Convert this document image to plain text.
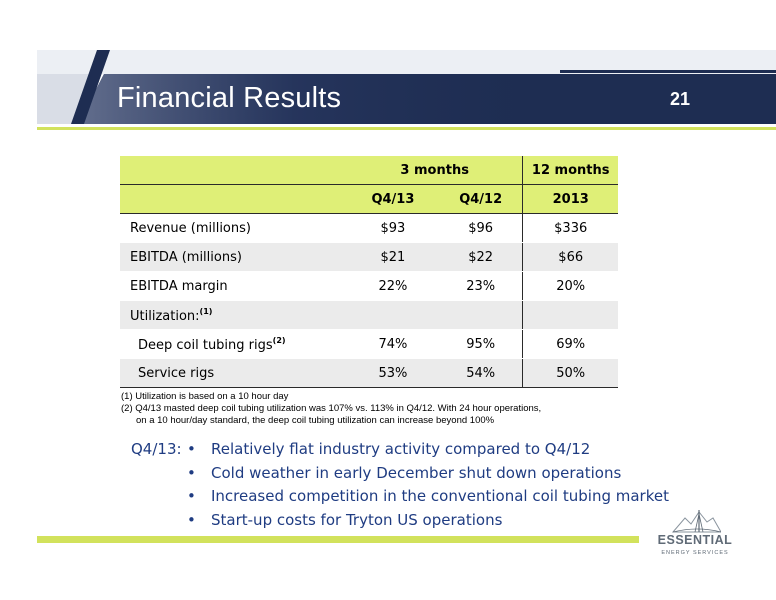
Financial Results	21
	3 months		12 months
	Q4/13	Q4/12	2013
Revenue (millions)	$93	$96	$336
EBITDA (millions)	$21	$22	$66
EBITDA margin	22%	23%	20%
Utilization:$^{(1)}$			
Deep coil tubing rigs$^{(2)}$	74%	95%	69%
Service rigs	53%	54%	50%
(1) Utilization is based on a 10 hour day
(2) Q4/13 masted deep coil tubing utilization was 107% vs. 113% in Q4/12. With 24 hour operations,
on a 10 hour/day standard, the deep coil tubing utilization can increase beyond 100%
Q4/13: • Relatively flat industry activity compared to Q4/12
• Cold weather in early December shut down operations
• Increased competition in the conventional coil tubing market
• Start-up costs for Tryton US operations
ESSENTIAL
ENERGY SERVICES
